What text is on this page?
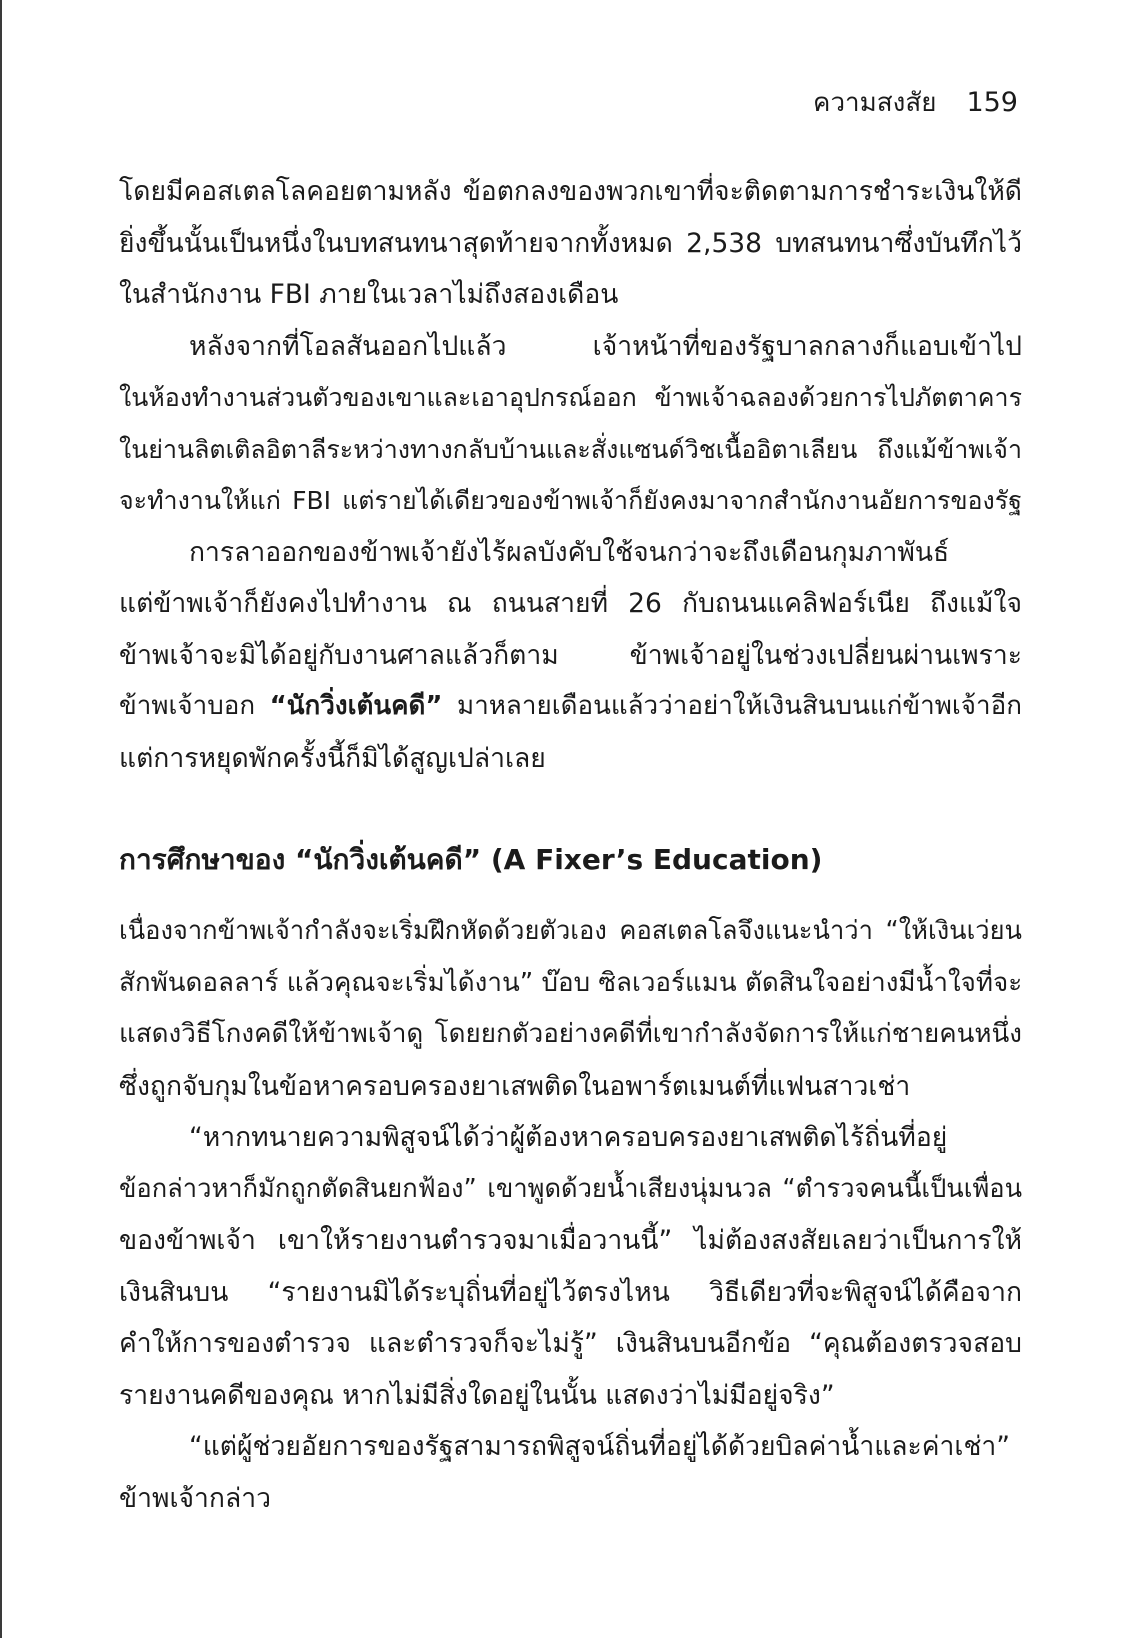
ความสงสัย 159
โดยมีคอสเตลโลคอยตามหลัง ข้อตกลงของพวกเขาที่จะติดตามการชำระเงินให้ดี
ยิ่งขึ้นนั้นเป็นหนึ่งในบทสนทนาสุดท้ายจากทั้งหมด 2,538 บทสนทนาซึ่งบันทึกไว้
ในสำนักงาน FBI ภายในเวลาไม่ถึงสองเดือน
หลังจากที่โอลสันออกไปแล้ว เจ้าหน้าที่ของรัฐบาลกลางก็แอบเข้าไป
ในห้องทำงานส่วนตัวของเขาและเอาอุปกรณ์ออก ข้าพเจ้าฉลองด้วยการไปภัตตาคาร
ในย่านลิตเติลอิตาลีระหว่างทางกลับบ้านและสั่งแซนด์วิชเนื้ออิตาเลียน ถึงแม้ข้าพเจ้า
จะทำงานให้แก่ FBI แต่รายได้เดียวของข้าพเจ้าก็ยังคงมาจากสำนักงานอัยการของรัฐ
การลาออกของข้าพเจ้ายังไร้ผลบังคับใช้จนกว่าจะถึงเดือนกุมภาพันธ์
แต่ข้าพเจ้าก็ยังคงไปทำงาน ณ ถนนสายที่ 26 กับถนนแคลิฟอร์เนีย ถึงแม้ใจ
ข้าพเจ้าจะมิได้อยู่กับงานศาลแล้วก็ตาม ข้าพเจ้าอยู่ในช่วงเปลี่ยนผ่านเพราะ
ข้าพเจ้าบอก “นักวิ่งเต้นคดี” มาหลายเดือนแล้วว่าอย่าให้เงินสินบนแก่ข้าพเจ้าอีก
แต่การหยุดพักครั้งนี้ก็มิได้สูญเปล่าเลย
การศึกษาของ “นักวิ่งเต้นคดี” (A Fixer’s Education)
เนื่องจากข้าพเจ้ากำลังจะเริ่มฝึกหัดด้วยตัวเอง คอสเตลโลจึงแนะนำว่า “ให้เงินเว่ยน
สักพันดอลลาร์ แล้วคุณจะเริ่มได้งาน” บ๊อบ ซิลเวอร์แมน ตัดสินใจอย่างมีน้ำใจที่จะ
แสดงวิธีโกงคดีให้ข้าพเจ้าดู โดยยกตัวอย่างคดีที่เขากำลังจัดการให้แก่ชายคนหนึ่ง
ซึ่งถูกจับกุมในข้อหาครอบครองยาเสพติดในอพาร์ตเมนต์ที่แฟนสาวเช่า
“หากทนายความพิสูจน์ได้ว่าผู้ต้องหาครอบครองยาเสพติดไร้ถิ่นที่อยู่
ข้อกล่าวหาก็มักถูกตัดสินยกฟ้อง” เขาพูดด้วยน้ำเสียงนุ่มนวล “ตำรวจคนนี้เป็นเพื่อน
ของข้าพเจ้า เขาให้รายงานตำรวจมาเมื่อวานนี้” ไม่ต้องสงสัยเลยว่าเป็นการให้
เงินสินบน “รายงานมิได้ระบุถิ่นที่อยู่ไว้ตรงไหน วิธีเดียวที่จะพิสูจน์ได้คือจาก
คำให้การของตำรวจ และตำรวจก็จะไม่รู้” เงินสินบนอีกข้อ “คุณต้องตรวจสอบ
รายงานคดีของคุณ หากไม่มีสิ่งใดอยู่ในนั้น แสดงว่าไม่มีอยู่จริง”
“แต่ผู้ช่วยอัยการของรัฐสามารถพิสูจน์ถิ่นที่อยู่ได้ด้วยบิลค่าน้ำและค่าเช่า”
ข้าพเจ้ากล่าว
